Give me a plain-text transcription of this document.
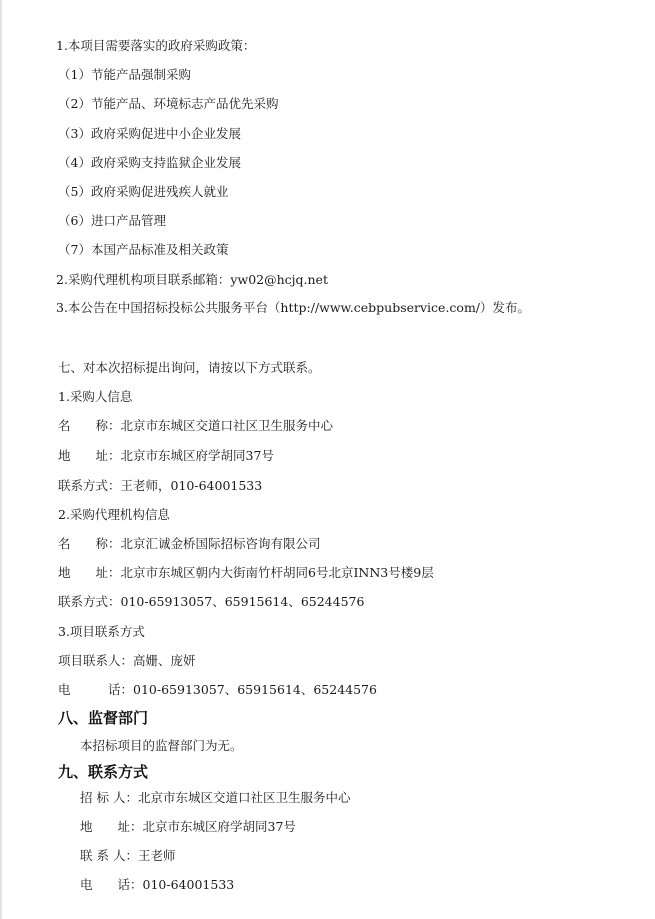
1.本项目需要落实的政府采购政策：
（1）节能产品强制采购
（2）节能产品、环境标志产品优先采购
（3）政府采购促进中小企业发展
（4）政府采购支持监狱企业发展
（5）政府采购促进残疾人就业
（6）进口产品管理
（7）本国产品标准及相关政策
2.采购代理机构项目联系邮箱：yw02@hcjq.net
3.本公告在中国招标投标公共服务平台（http://www.cebpubservice.com/）发布。
七、对本次招标提出询问，请按以下方式联系。
1.采购人信息
名　　称：北京市东城区交道口社区卫生服务中心
地　　址：北京市东城区府学胡同37号
联系方式：王老师，010-64001533
2.采购代理机构信息
名　　称：北京汇诚金桥国际招标咨询有限公司
地　　址：北京市东城区朝内大街南竹杆胡同6号北京INN3号楼9层
联系方式：010-65913057、65915614、65244576
3.项目联系方式
项目联系人：高姗、庞妍
电　　　话：010-65913057、65915614、65244576
八、监督部门
本招标项目的监督部门为无。
九、联系方式
招 标 人：北京市东城区交道口社区卫生服务中心
地　　址：北京市东城区府学胡同37号
联 系 人：王老师
电　　话：010-64001533
